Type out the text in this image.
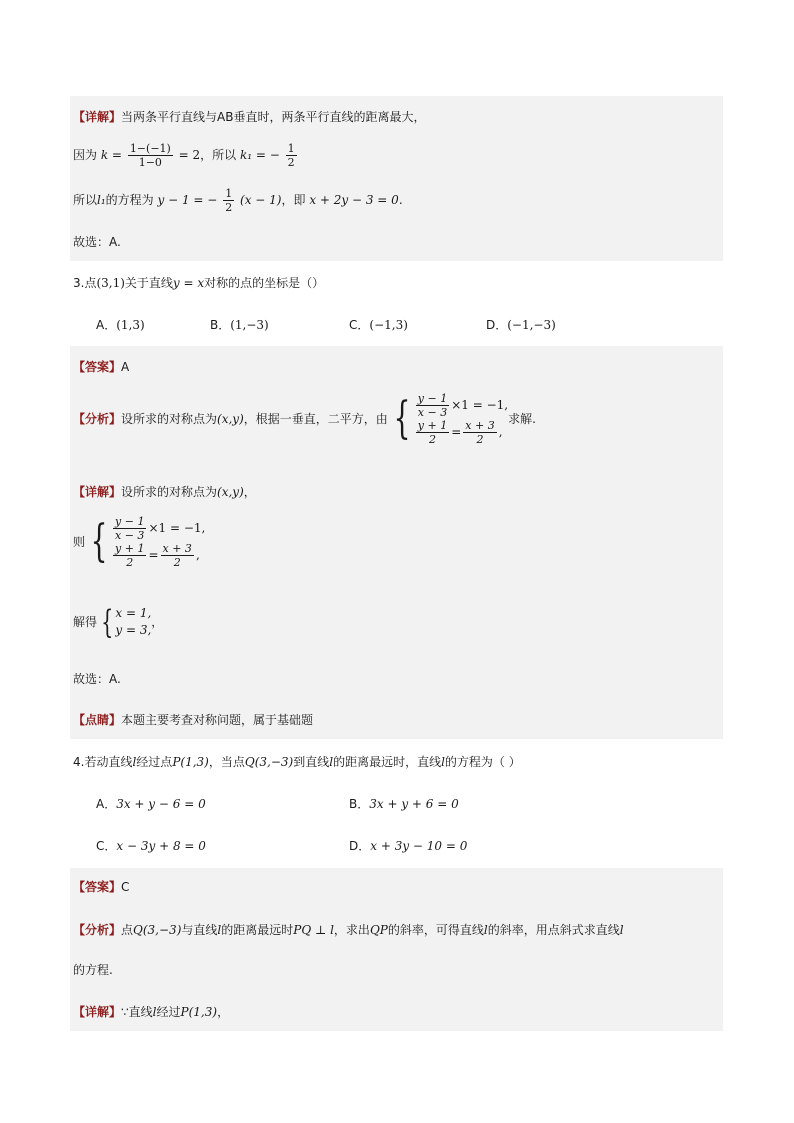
【详解】当两条平行直线与AB垂直时，两条平行直线的距离最大，
因为 $k = \frac{1-(-1)}{1-0} = 2$，所以 k₁ = − $\frac{1}{2}$
所以l₁的方程为 y − 1 = − $\frac{1}{2} (x - 1)$，即 x + 2y − 3 = 0.
故选：A.
3.点(3,1)关于直线y = x对称的点的坐标是（）
A．(1,3)	B．(1,−3)	C．(−1,3)	D．(−1,−3)
【答案】A
【分析】 设所求的对称点为 (x,y) ，根据一垂直，二平方，由 { $\frac{y - 1}{x - 3} \times 1 = -1$,
$\frac{y + 1}{2} = \frac{x + 3}{2}$ ,
求解.
【详解】设所求的对称点为(x,y)，
则 { $\frac{y - 1}{x - 3} \times 1 = -1$,
$\frac{y + 1}{2} = \frac{x + 3}{2}$ ,
解得 { x = 1,
y = 3,
，
故选：A.
【点睛】本题主要考查对称问题，属于基础题
4.若动直线l经过点P(1,3)，当点Q(3,−3)到直线l的距离最远时，直线l的方程为（ ）
A．3x + y − 6 = 0	B．3x + y + 6 = 0
C．x − 3y + 8 = 0	D．x + 3y − 10 = 0
【答案】C
【分析】点Q(3,−3)与直线l的距离最远时PQ ⊥ l，求出QP的斜率，可得直线l的斜率，用点斜式求直线l
的方程.
【详解】∵直线l经过P(1,3)，
